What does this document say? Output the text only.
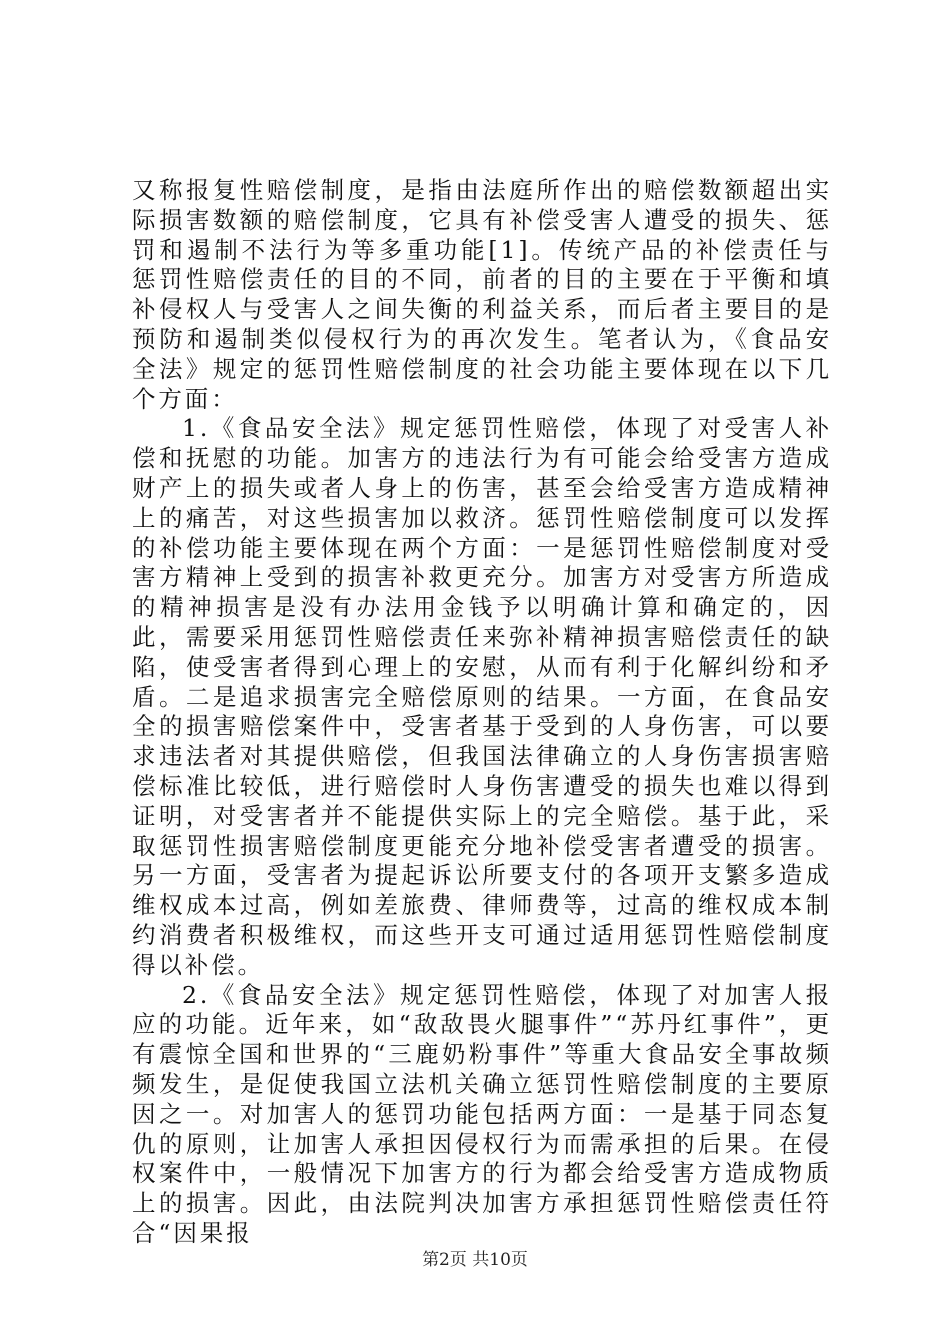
又称报复性赔偿制度，是指由法庭所作出的赔偿数额超出实际损害数额的赔偿制度，它具有补偿受害人遭受的损失、惩罚和遏制不法行为等多重功能[1]。传统产品的补偿责任与惩罚性赔偿责任的目的不同，前者的目的主要在于平衡和填补侵权人与受害人之间失衡的利益关系，而后者主要目的是预防和遏制类似侵权行为的再次发生。笔者认为，《食品安全法》规定的惩罚性赔偿制度的社会功能主要体现在以下几个方面：

1.《食品安全法》规定惩罚性赔偿，体现了对受害人补偿和抚慰的功能。加害方的违法行为有可能会给受害方造成财产上的损失或者人身上的伤害，甚至会给受害方造成精神上的痛苦，对这些损害加以救济。惩罚性赔偿制度可以发挥的补偿功能主要体现在两个方面：一是惩罚性赔偿制度对受害方精神上受到的损害补救更充分。加害方对受害方所造成的精神损害是没有办法用金钱予以明确计算和确定的，因此，需要采用惩罚性赔偿责任来弥补精神损害赔偿责任的缺陷，使受害者得到心理上的安慰，从而有利于化解纠纷和矛盾。二是追求损害完全赔偿原则的结果。一方面，在食品安全的损害赔偿案件中，受害者基于受到的人身伤害，可以要求违法者对其提供赔偿，但我国法律确立的人身伤害损害赔偿标准比较低，进行赔偿时人身伤害遭受的损失也难以得到证明，对受害者并不能提供实际上的完全赔偿。基于此，采取惩罚性损害赔偿制度更能充分地补偿受害者遭受的损害。另一方面，受害者为提起诉讼所要支付的各项开支繁多造成维权成本过高，例如差旅费、律师费等，过高的维权成本制约消费者积极维权，而这些开支可通过适用惩罚性赔偿制度得以补偿。

2.《食品安全法》规定惩罚性赔偿，体现了对加害人报应的功能。近年来，如“敌敌畏火腿事件”“苏丹红事件”，更有震惊全国和世界的“三鹿奶粉事件”等重大食品安全事故频频发生，是促使我国立法机关确立惩罚性赔偿制度的主要原因之一。对加害人的惩罚功能包括两方面：一是基于同态复仇的原则，让加害人承担因侵权行为而需承担的后果。在侵权案件中，一般情况下加害方的行为都会给受害方造成物质上的损害。因此，由法院判决加害方承担惩罚性赔偿责任符合“因果报

第2页 共10页
